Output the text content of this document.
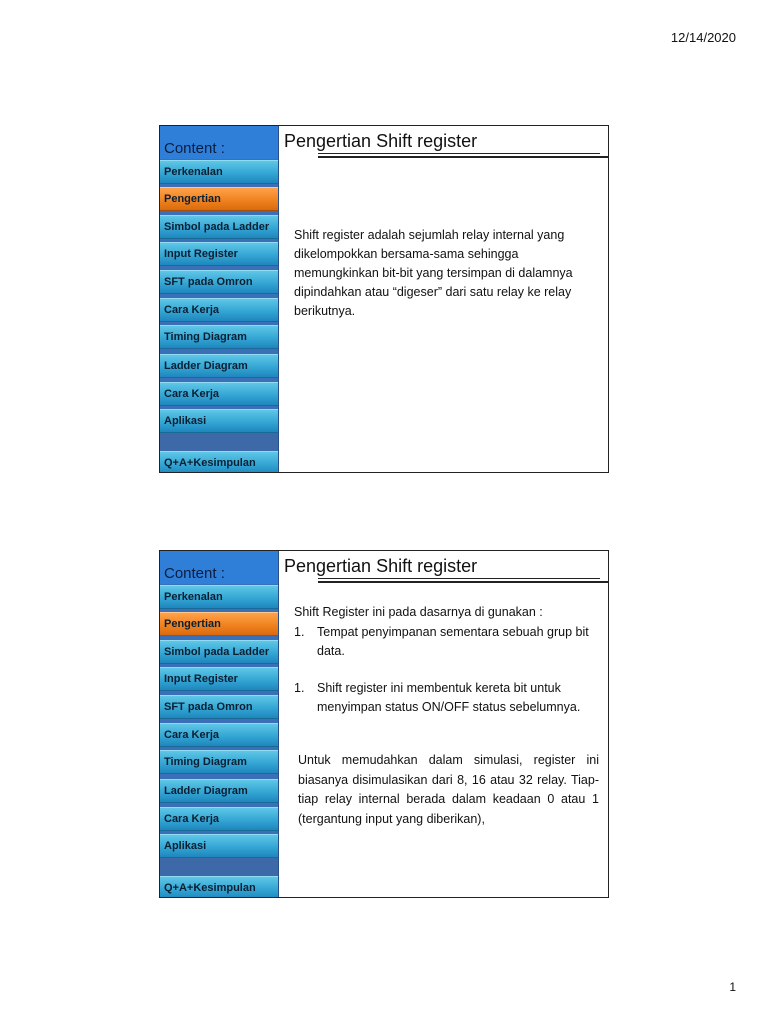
12/14/2020
Content :
Perkenalan
Pengertian
Simbol pada Ladder
Input Register
SFT pada Omron
Cara Kerja
Timing Diagram
Ladder Diagram
Cara Kerja
Aplikasi
Q+A+Kesimpulan
Pengertian Shift register
Shift register adalah sejumlah relay internal yang dikelompokkan bersama-sama sehingga memungkinkan bit-bit yang tersimpan di dalamnya dipindahkan atau “digeser” dari satu relay ke relay berikutnya.
Content :
Perkenalan
Pengertian
Simbol pada Ladder
Input Register
SFT pada Omron
Cara Kerja
Timing Diagram
Ladder Diagram
Cara Kerja
Aplikasi
Q+A+Kesimpulan
Pengertian Shift register
Shift Register ini pada dasarnya di gunakan :
1. Tempat penyimpanan sementara sebuah grup bit data.
1. Shift register ini membentuk kereta bit untuk menyimpan status ON/OFF status sebelumnya.
Untuk memudahkan dalam simulasi, register ini biasanya disimulasikan dari 8, 16 atau 32 relay. Tiap-tiap relay internal berada dalam keadaan 0 atau 1 (tergantung input yang diberikan),
1
